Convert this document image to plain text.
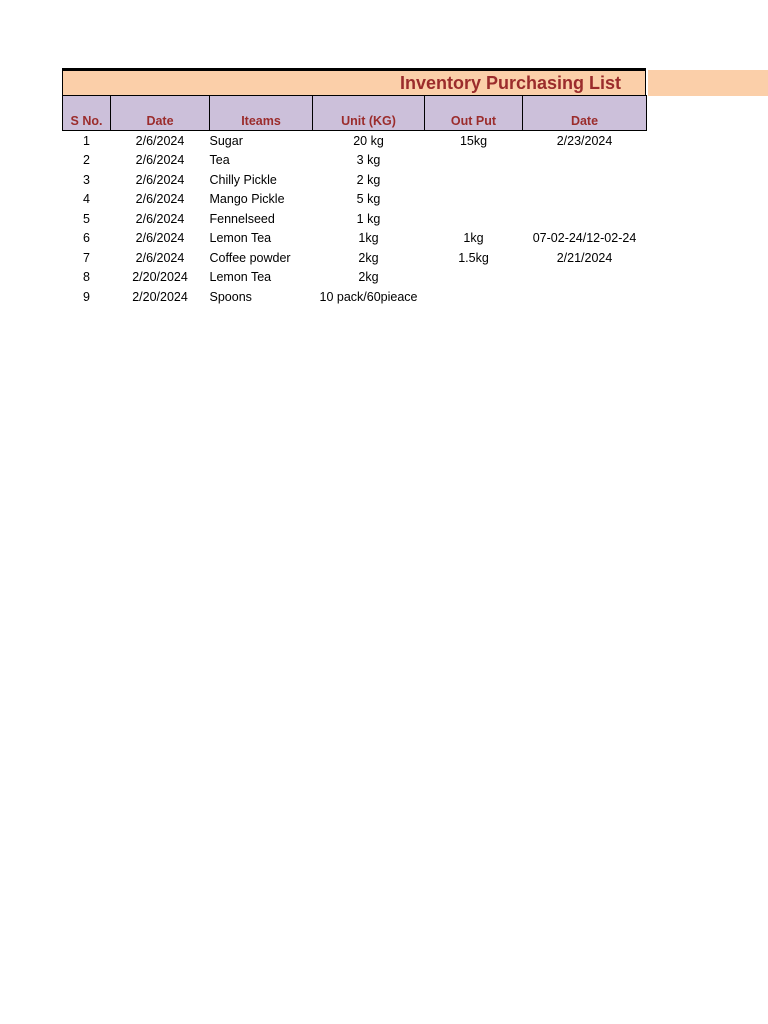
Inventory Purchasing List
S No.	Date	Iteams	Unit (KG)	Out Put	Date
1	2/6/2024	Sugar	20 kg	15kg	2/23/2024
2	2/6/2024	Tea	3 kg		
3	2/6/2024	Chilly Pickle	2 kg		
4	2/6/2024	Mango Pickle	5 kg		
5	2/6/2024	Fennelseed	1 kg		
6	2/6/2024	Lemon Tea	1kg	1kg	07-02-24/12-02-24
7	2/6/2024	Coffee powder	2kg	1.5kg	2/21/2024
8	2/20/2024	Lemon Tea	2kg		
9	2/20/2024	Spoons	10 pack/60pieace		
